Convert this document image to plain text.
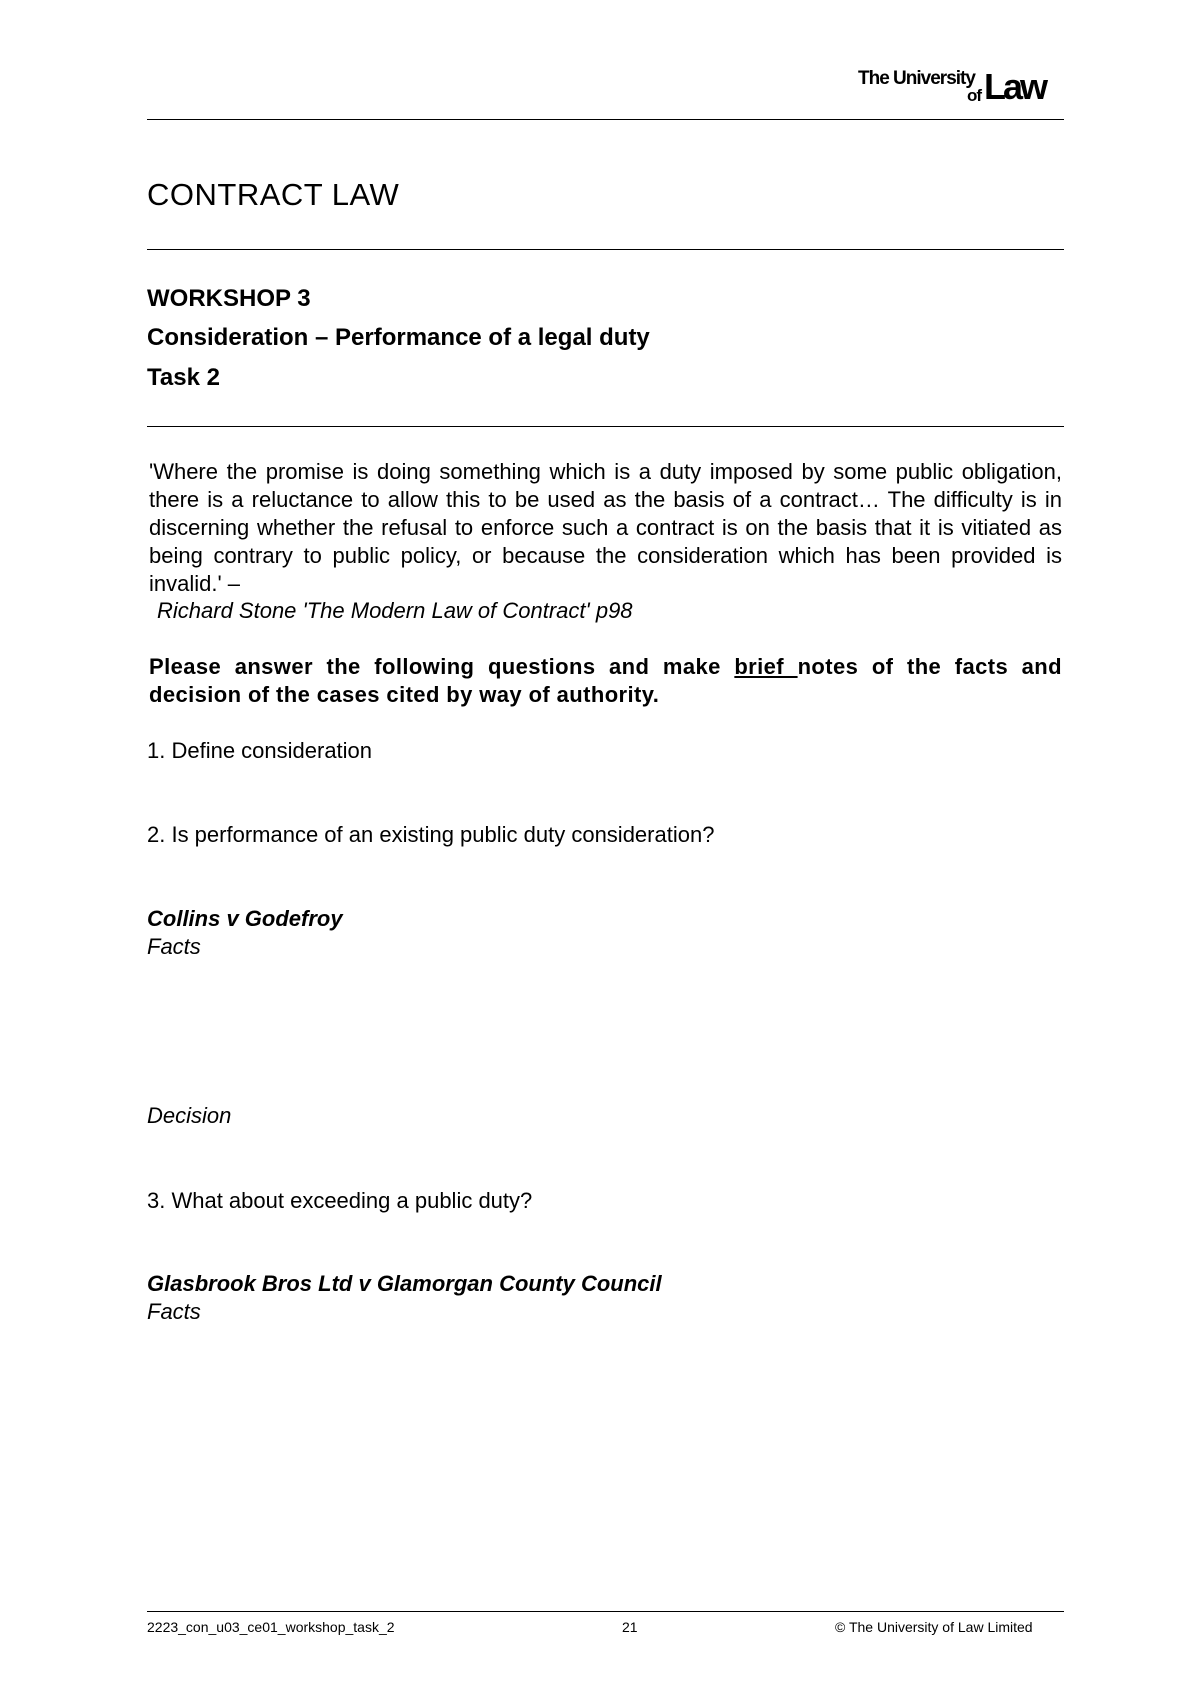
The University
of Law
CONTRACT LAW
WORKSHOP 3
Consideration – Performance of a legal duty
Task 2

'Where the promise is doing something which is a duty imposed by some public obligation, there is a reluctance to allow this to be used as the basis of a contract… The difficulty is in discerning whether the refusal to enforce such a contract is on the basis that it is vitiated as being contrary to public policy, or because the consideration which has been provided is invalid.' –

Richard Stone 'The Modern Law of Contract' p98

Please answer the following questions and make brief notes of the facts and decision of the cases cited by way of authority.

1. Define consideration

2. Is performance of an existing public duty consideration?

Collins v Godefroy

Facts

Decision

3. What about exceeding a public duty?

Glasbrook Bros Ltd v Glamorgan County Council

Facts

2223_con_u03_ce01_workshop_task_2	21	© The University of Law Limited
